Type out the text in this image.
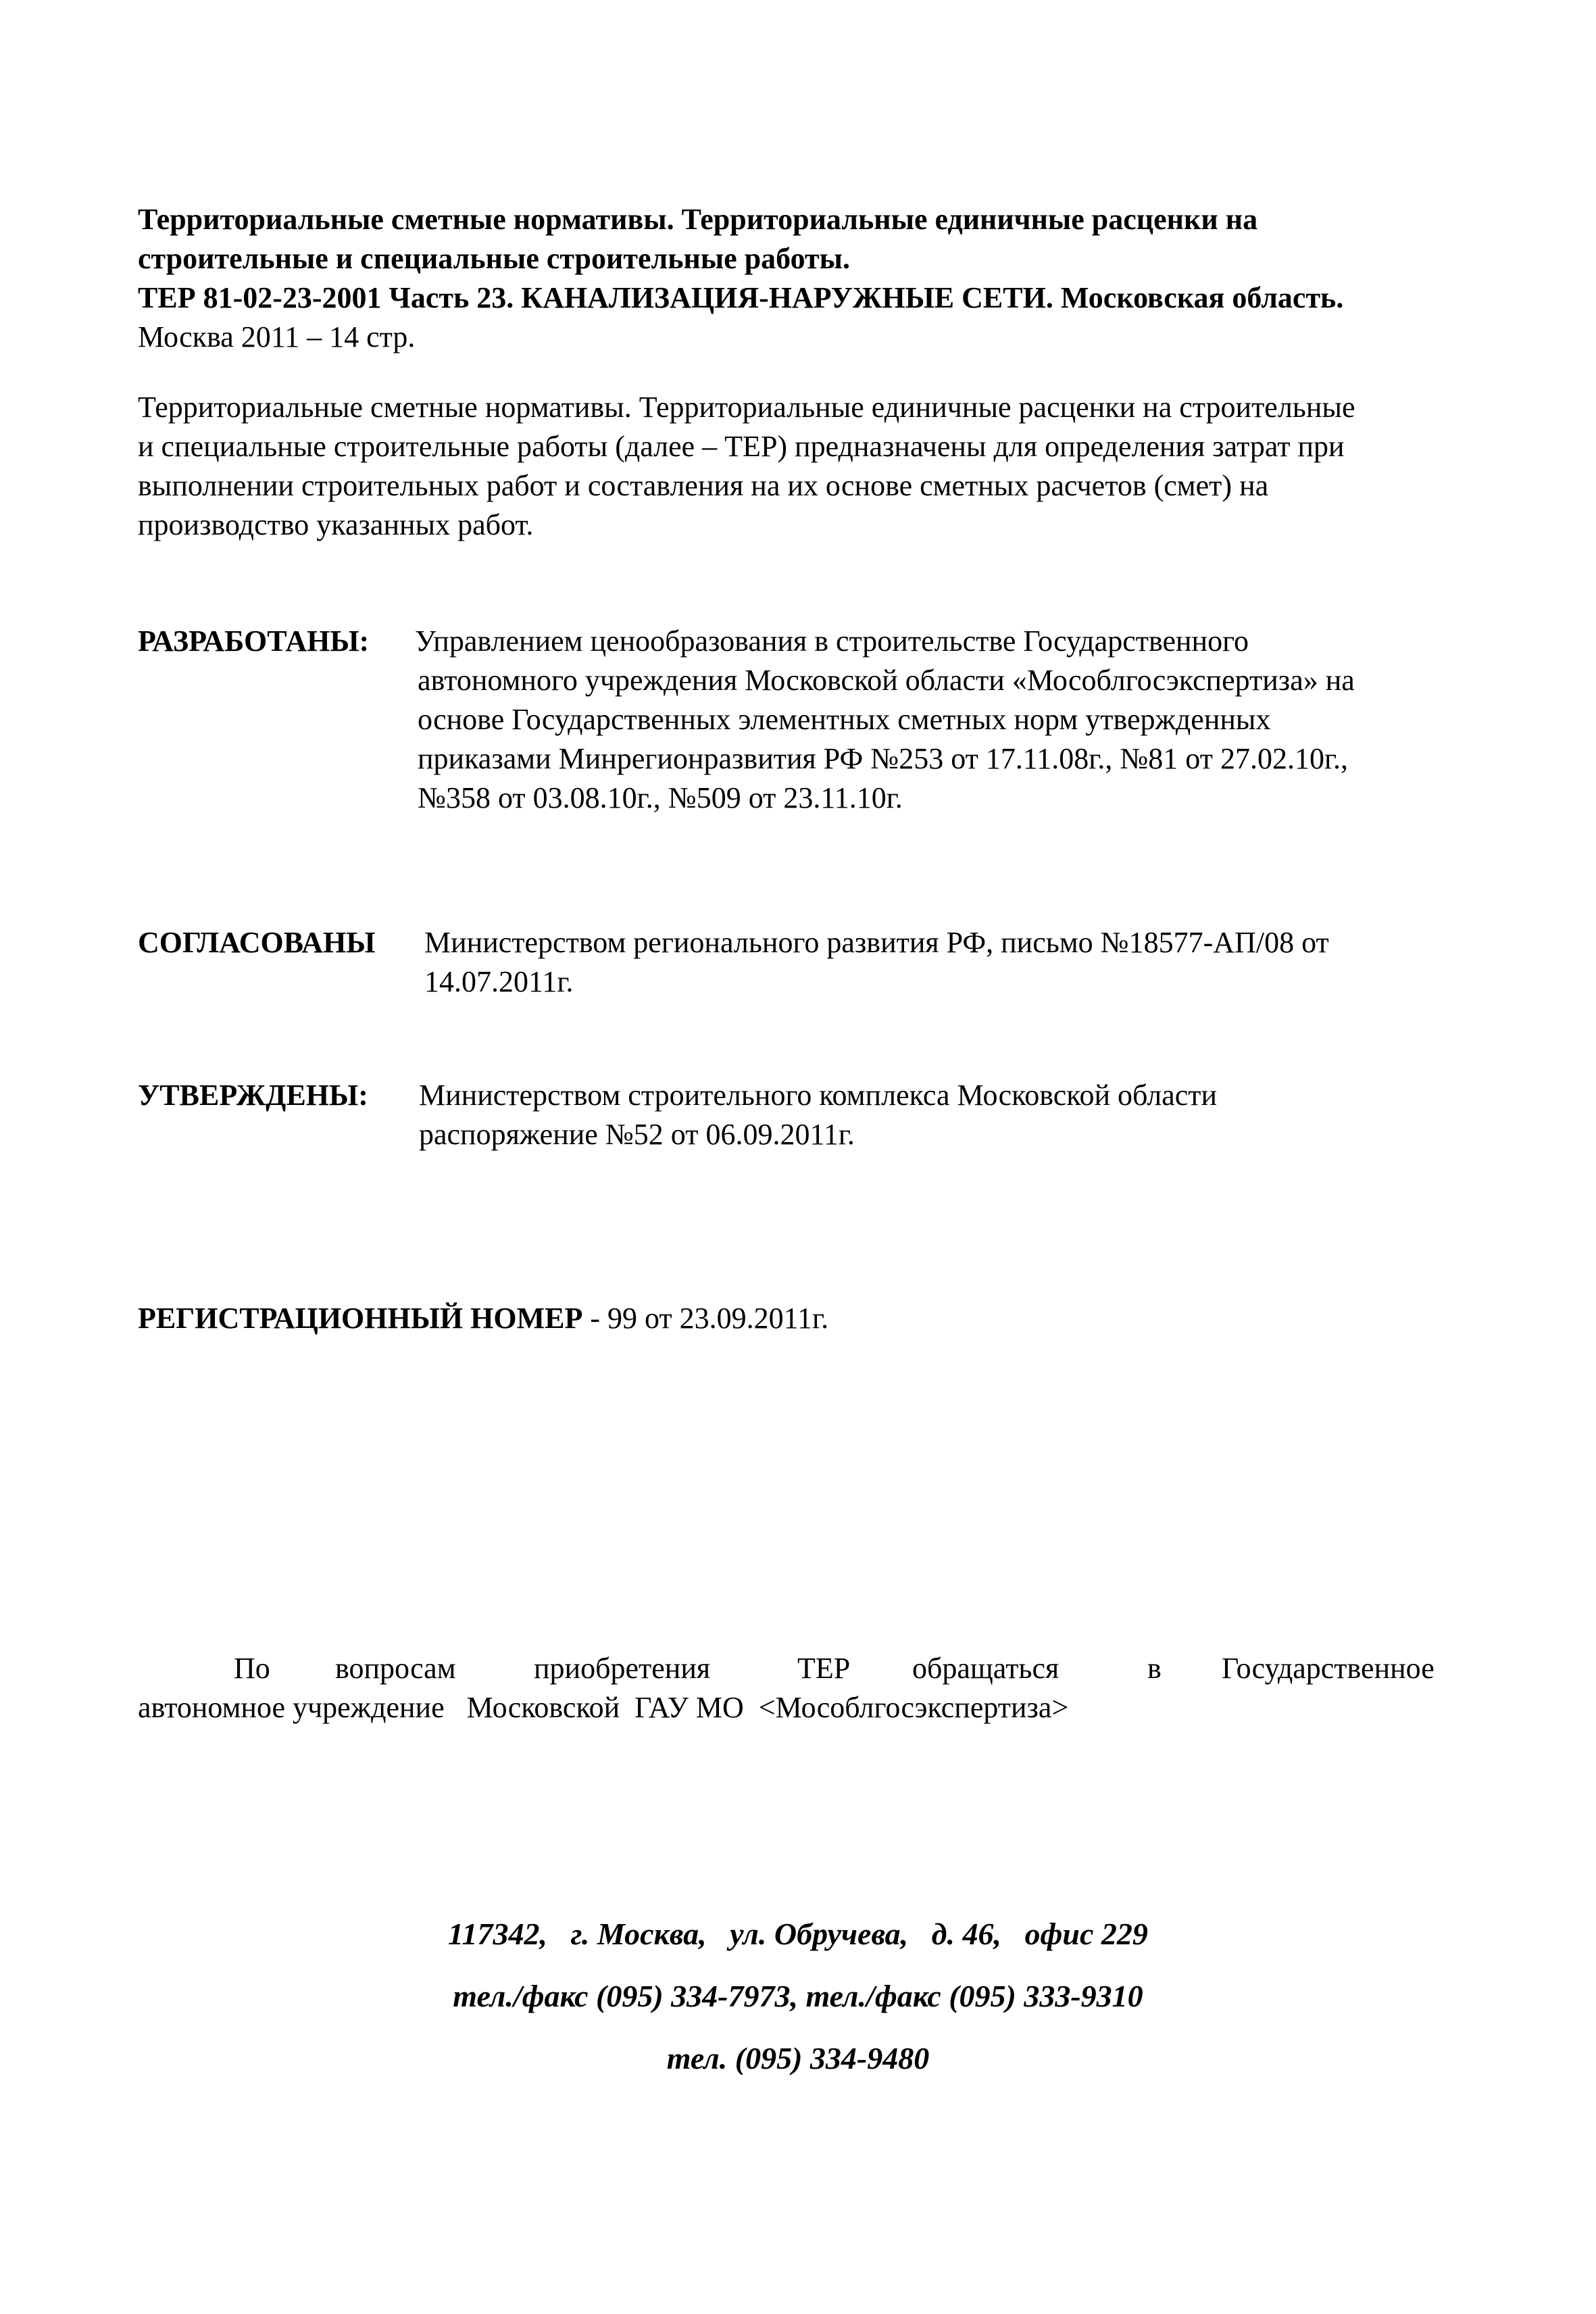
Территориальные сметные нормативы. Территориальные единичные расценки на
строительные и специальные строительные работы.
ТЕР 81-02-23-2001 Часть 23. КАНАЛИЗАЦИЯ-НАРУЖНЫЕ СЕТИ. Московская область.
Москва 2011 – 14 стр.
Территориальные сметные нормативы. Территориальные единичные расценки на строительные
и специальные строительные работы (далее – ТЕР) предназначены для определения затрат при
выполнении строительных работ и составления на их основе сметных расчетов (смет) на
производство указанных работ.
РАЗРАБОТАНЫ: Управлением ценообразования в строительстве Государственного
автономного учреждения Московской области «Мособлгосэкспертиза» на
основе Государственных элементных сметных норм утвержденных
приказами Минрегионразвития РФ №253 от 17.11.08г., №81 от 27.02.10г.,
№358 от 03.08.10г., №509 от 23.11.10г.
СОГЛАСОВАНЫ Министерством регионального развития РФ, письмо №18577-АП/08 от
14.07.2011г.
УТВЕРЖДЕНЫ: Министерством строительного комплекса Московской области
распоряжение №52 от 06.09.2011г.
РЕГИСТРАЦИОННЫЙ НОМЕР - 99 от 23.09.2011г.
По вопросам	приобретения	ТЕР обращаться	в Государственное
автономное учреждение   Московской  ГАУ МО  <Мособлгосэкспертиза>
117342,   г. Москва,   ул. Обручева,   д. 46,   офис 229
тел./факс (095) 334-7973, тел./факс (095) 333-9310
тел. (095) 334-9480
